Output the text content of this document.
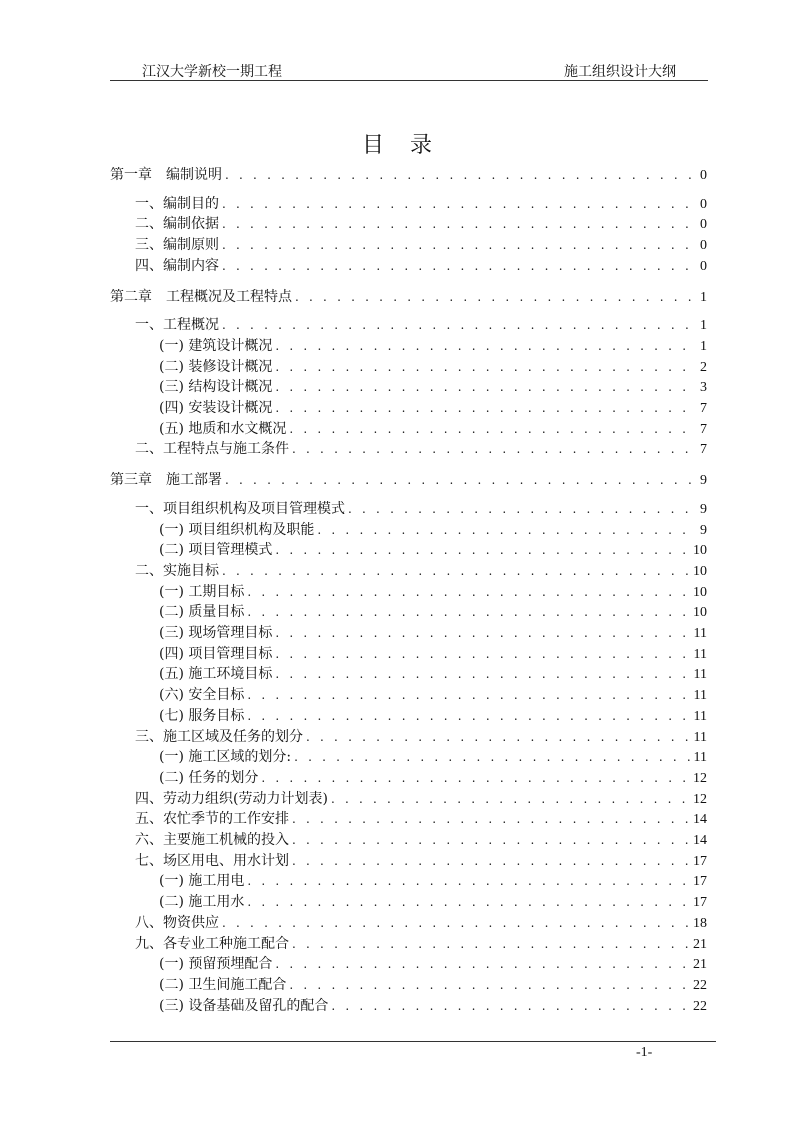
江汉大学新校一期工程	施工组织设计大纲
目录
第一章　编制说明 . . .	0
一、编制目的 . . .	0
二、编制依据 . . .	0
三、编制原则 . . .	0
四、编制内容 . . .	0
第二章　工程概况及工程特点 . . .	1
一、工程概况 . . .	1
(一) 建筑设计概况 . . .	1
(二) 装修设计概况 . . .	2
(三) 结构设计概况 . . .	3
(四) 安装设计概况 . . .	7
(五) 地质和水文概况 . . .	7
二、工程特点与施工条件 . . .	7
第三章　施工部署 . . .	9
一、项目组织机构及项目管理模式 . . .	9
(一) 项目组织机构及职能 . . .	9
(二) 项目管理模式 . . .	10
二、实施目标 . . .	10
(一) 工期目标 . . .	10
(二) 质量目标 . . .	10
(三) 现场管理目标 . . .	11
(四) 项目管理目标 . . .	11
(五) 施工环境目标 . . .	11
(六) 安全目标 . . .	11
(七) 服务目标 . . .	11
三、施工区域及任务的划分 . . .	11
(一) 施工区域的划分: . . .	11
(二) 任务的划分 . . .	12
四、劳动力组织(劳动力计划表) . . .	12
五、农忙季节的工作安排 . . .	14
六、主要施工机械的投入 . . .	14
七、场区用电、用水计划 . . .	17
(一) 施工用电 . . .	17
(二) 施工用水 . . .	17
八、物资供应 . . .	18
九、各专业工种施工配合 . . .	21
(一) 预留预埋配合 . . .	21
(二) 卫生间施工配合 . . .	22
(三) 设备基础及留孔的配合 . . .	22
-1-
